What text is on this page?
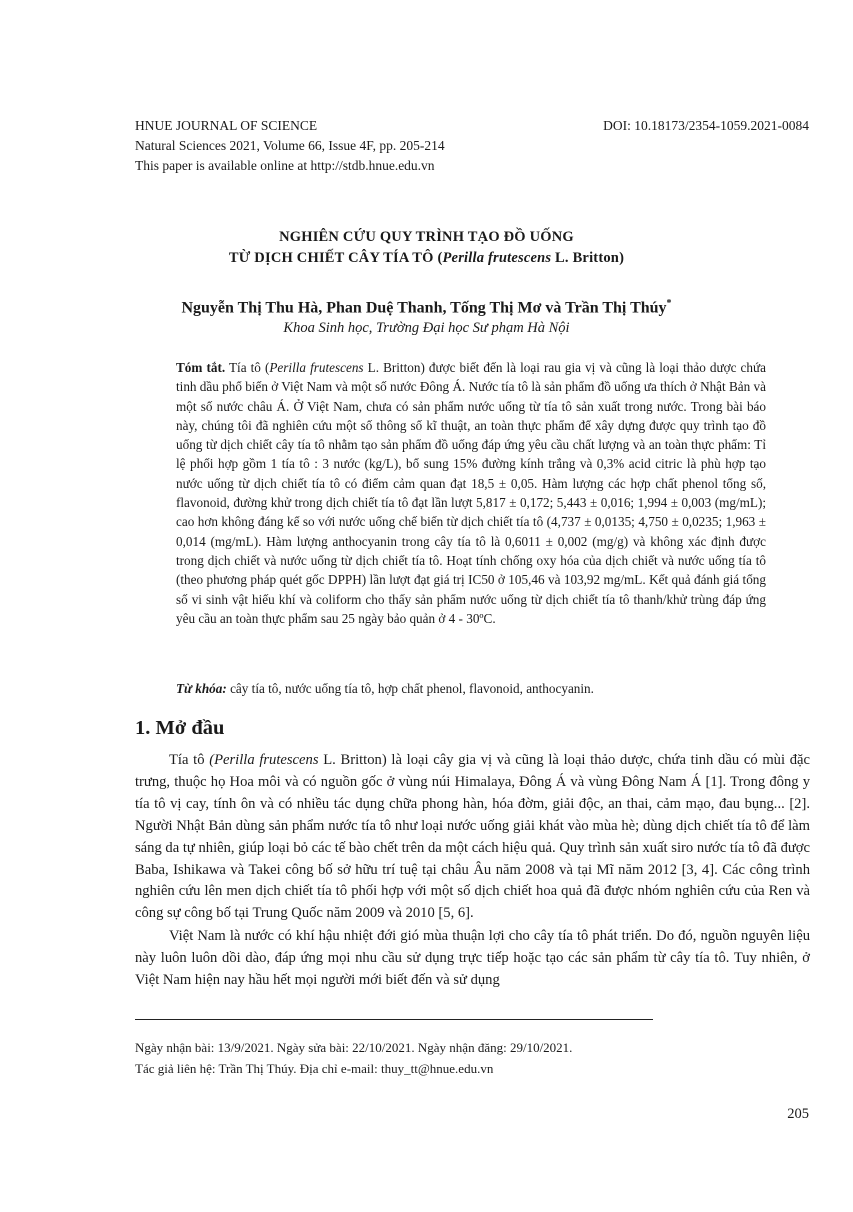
HNUE JOURNAL OF SCIENCE	DOI: 10.18173/2354-1059.2021-0084
Natural Sciences 2021, Volume 66, Issue 4F, pp. 205-214
This paper is available online at http://stdb.hnue.edu.vn
NGHIÊN CỨU QUY TRÌNH TẠO ĐỒ UỐNG
TỪ DỊCH CHIẾT CÂY TÍA TÔ (Perilla frutescens L. Britton)
Nguyễn Thị Thu Hà, Phan Duệ Thanh, Tống Thị Mơ và Trần Thị Thúy*
Khoa Sinh học, Trường Đại học Sư phạm Hà Nội

Tóm tắt. Tía tô (Perilla frutescens L. Britton) được biết đến là loại rau gia vị và cũng là loại thảo dược chứa tinh dầu phổ biến ở Việt Nam và một số nước Đông Á. Nước tía tô là sản phẩm đồ uống ưa thích ở Nhật Bản và một số nước châu Á. Ở Việt Nam, chưa có sản phẩm nước uống từ tía tô sản xuất trong nước. Trong bài báo này, chúng tôi đã nghiên cứu một số thông số kĩ thuật, an toàn thực phẩm để xây dựng được quy trình tạo đồ uống từ dịch chiết cây tía tô nhằm tạo sản phẩm đồ uống đáp ứng yêu cầu chất lượng và an toàn thực phẩm: Tỉ lệ phối hợp gồm 1 tía tô : 3 nước (kg/L), bổ sung 15% đường kính trắng và 0,3% acid citric là phù hợp tạo nước uống từ dịch chiết tía tô có điểm cảm quan đạt 18,5 ± 0,05. Hàm lượng các hợp chất phenol tổng số, flavonoid, đường khử trong dịch chiết tía tô đạt lần lượt 5,817 ± 0,172; 5,443 ± 0,016; 1,994 ± 0,003 (mg/mL); cao hơn không đáng kể so với nước uống chế biến từ dịch chiết tía tô (4,737 ± 0,0135; 4,750 ± 0,0235; 1,963 ± 0,014 (mg/mL). Hàm lượng anthocyanin trong cây tía tô là 0,6011 ± 0,002 (mg/g) và không xác định được trong dịch chiết và nước uống từ dịch chiết tía tô. Hoạt tính chống oxy hóa của dịch chiết và nước uống tía tô (theo phương pháp quét gốc DPPH) lần lượt đạt giá trị IC50 ở 105,46 và 103,92 mg/mL. Kết quả đánh giá tổng số vi sinh vật hiếu khí và coliform cho thấy sản phẩm nước uống từ dịch chiết tía tô thanh/khử trùng đáp ứng yêu cầu an toàn thực phẩm sau 25 ngày bảo quản ở 4 - 30ºC.

Từ khóa: cây tía tô, nước uống tía tô, hợp chất phenol, flavonoid, anthocyanin.
1. Mở đầu

Tía tô (Perilla frutescens L. Britton) là loại cây gia vị và cũng là loại thảo dược, chứa tinh dầu có mùi đặc trưng, thuộc họ Hoa môi và có nguồn gốc ở vùng núi Himalaya, Đông Á và vùng Đông Nam Á [1]. Trong đông y tía tô vị cay, tính ôn và có nhiều tác dụng chữa phong hàn, hóa đờm, giải độc, an thai, cảm mạo, đau bụng... [2]. Người Nhật Bản dùng sản phẩm nước tía tô như loại nước uống giải khát vào mùa hè; dùng dịch chiết tía tô để làm sáng da tự nhiên, giúp loại bỏ các tế bào chết trên da một cách hiệu quả. Quy trình sản xuất siro nước tía tô đã được Baba, Ishikawa và Takei công bố sở hữu trí tuệ tại châu Âu năm 2008 và tại Mĩ năm 2012 [3, 4]. Các công trình nghiên cứu lên men dịch chiết tía tô phối hợp với một số dịch chiết hoa quả đã được nhóm nghiên cứu của Ren và công sự công bố tại Trung Quốc năm 2009 và 2010 [5, 6].

Việt Nam là nước có khí hậu nhiệt đới gió mùa thuận lợi cho cây tía tô phát triển. Do đó, nguồn nguyên liệu này luôn luôn dồi dào, đáp ứng mọi nhu cầu sử dụng trực tiếp hoặc tạo các sản phẩm từ cây tía tô. Tuy nhiên, ở Việt Nam hiện nay hầu hết mọi người mới biết đến và sử dụng

Ngày nhận bài: 13/9/2021. Ngày sửa bài: 22/10/2021. Ngày nhận đăng: 29/10/2021.
Tác giả liên hệ: Trần Thị Thúy. Địa chỉ e-mail: thuy_tt@hnue.edu.vn
205
